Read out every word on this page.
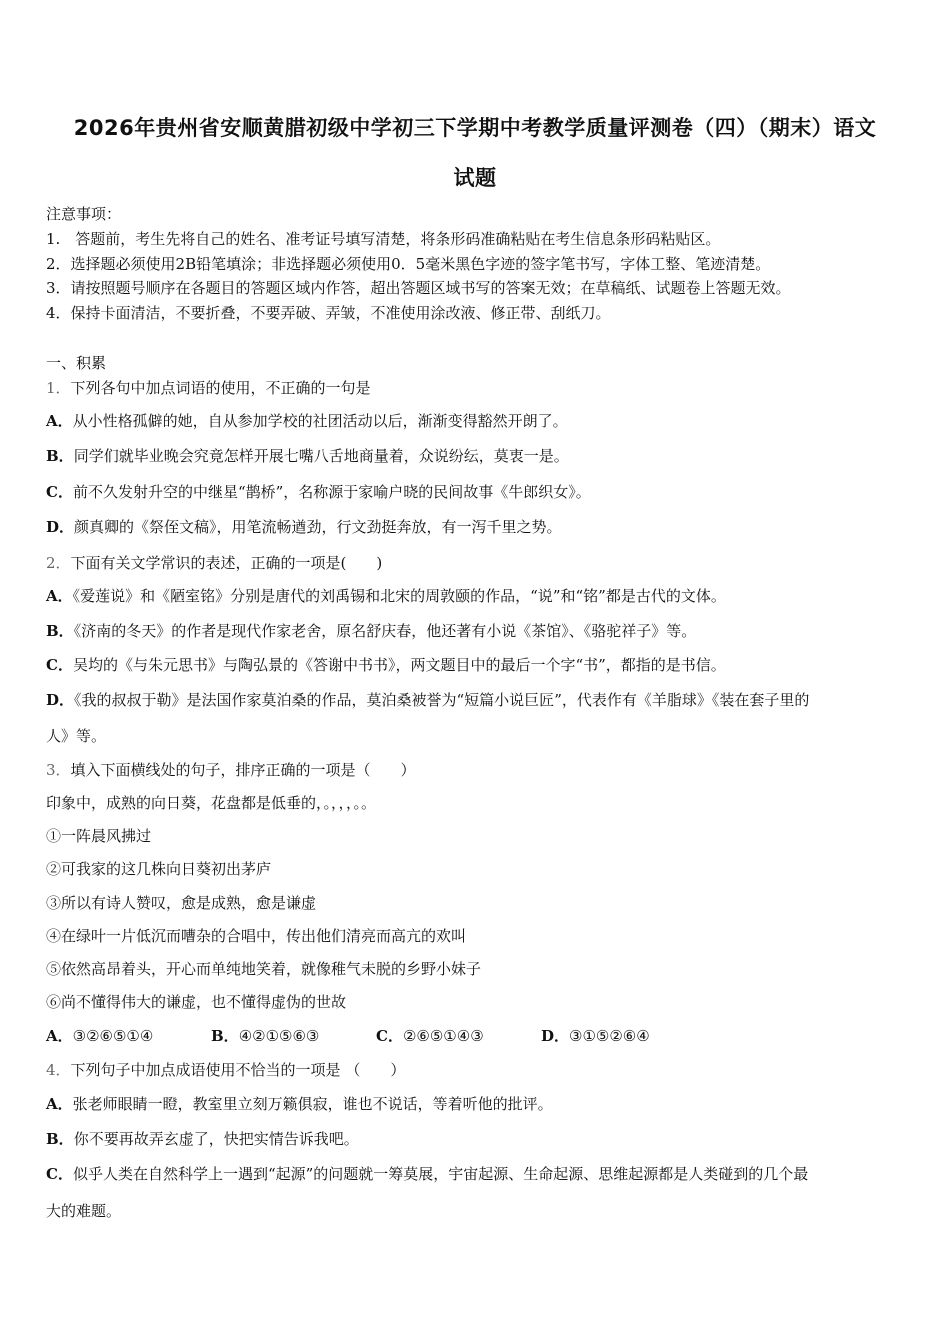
2026年贵州省安顺黄腊初级中学初三下学期中考教学质量评测卷（四）（期末）语文
试题
注意事项：
1.　答题前，考生先将自己的姓名、准考证号填写清楚，将条形码准确粘贴在考生信息条形码粘贴区。
2．选择题必须使用2B铅笔填涂；非选择题必须使用0．5毫米黑色字迹的签字笔书写，字体工整、笔迹清楚。
3．请按照题号顺序在各题目的答题区域内作答，超出答题区域书写的答案无效；在草稿纸、试题卷上答题无效。
4．保持卡面清洁，不要折叠，不要弄破、弄皱，不准使用涂改液、修正带、刮纸刀。
一、积累
1．下列各句中加点词语的使用，不正确的一句是
A．从小性格孤僻的她，自从参加学校的社团活动以后，渐渐变得豁然开朗了。
B．同学们就毕业晚会究竟怎样开展七嘴八舌地商量着，众说纷纭，莫衷一是。
C．前不久发射升空的中继星“鹊桥”，名称源于家喻户晓的民间故事《牛郎织女》。
D．颜真卿的《祭侄文稿》，用笔流畅遒劲，行文劲挺奔放，有一泻千里之势。
2．下面有关文学常识的表述，正确的一项是(　　)
A．《爱莲说》和《陋室铭》分别是唐代的刘禹锡和北宋的周敦颐的作品，“说”和“铭”都是古代的文体。
B．《济南的冬天》的作者是现代作家老舍，原名舒庆春，他还著有小说《茶馆》、《骆驼祥子》等。
C．吴均的《与朱元思书》与陶弘景的《答谢中书书》，两文题目中的最后一个字“书”，都指的是书信。
D．《我的叔叔于勒》是法国作家莫泊桑的作品，莫泊桑被誉为“短篇小说巨匠”，代表作有《羊脂球》《装在套子里的
人》等。
3．填入下面横线处的句子，排序正确的一项是（　　）
印象中，成熟的向日葵，花盘都是低垂的，。，，，。。
①一阵晨风拂过
②可我家的这几株向日葵初出茅庐
③所以有诗人赞叹，愈是成熟，愈是谦虚
④在绿叶一片低沉而嘈杂的合唱中，传出他们清亮而高亢的欢叫
⑤依然高昂着头，开心而单纯地笑着，就像稚气未脱的乡野小妹子
⑥尚不懂得伟大的谦虚，也不懂得虚伪的世故
A．③②⑥⑤①④	B．④②①⑤⑥③	C．②⑥⑤①④③	D．③①⑤②⑥④
4．下列句子中加点成语使用不恰当的一项是 （　　）
A．张老师眼睛一瞪，教室里立刻万籁俱寂，谁也不说话，等着听他的批评。
B．你不要再故弄玄虚了，快把实情告诉我吧。
C．似乎人类在自然科学上一遇到“起源”的问题就一筹莫展，宇宙起源、生命起源、思维起源都是人类碰到的几个最
大的难题。
